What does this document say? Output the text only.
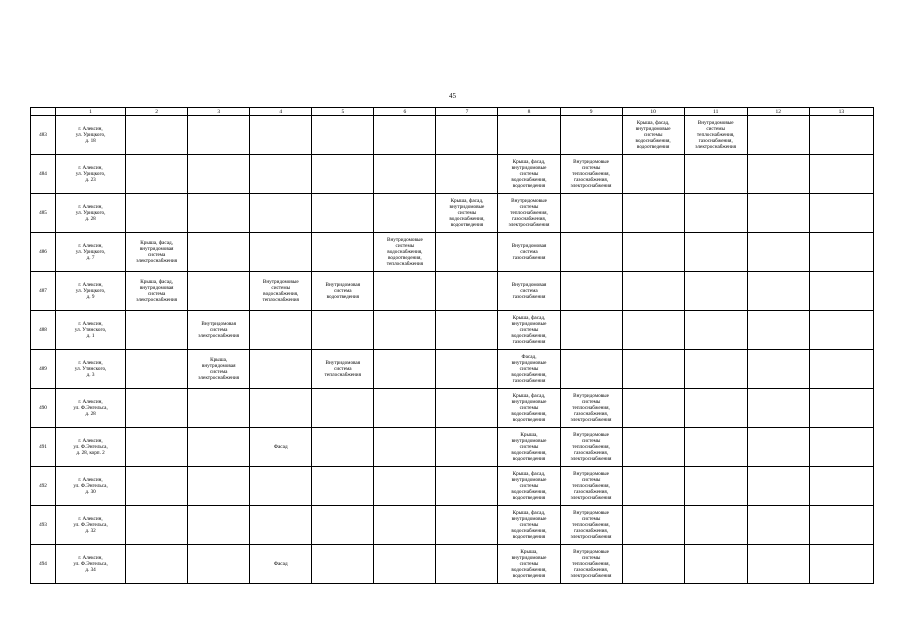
45
	1	2	3	4	5	6	7	8	9	10	11	12	13
483	г. Алексин,
ул. Урицкого,
д. 18									Крыша, фасад,
внутридомовые
системы
водоснабжения,
водоотведения	Внутридомовые
системы
теплоснабжения,
газоснабжения,
электроснабжения		
484	г. Алексин,
ул. Урицкого,
д. 23							Крыша, фасад,
внутридомовые
системы
водоснабжения,
водоотведения	Внутридомовые
системы
теплоснабжения,
газоснабжения,
электроснабжения				
485	г. Алексин,
ул. Урицкого,
д. 28						Крыша, фасад,
внутридомовые
системы
водоснабжения,
водоотведения	Внутридомовые
системы
теплоснабжения,
газоснабжения,
электроснабжения					
486	г. Алексин,
ул. Урицкого,
д. 7	Крыша, фасад,
внутридомовая
система
электроснабжения				Внутридомовые
системы
водоснабжения,
водоотведения,
теплоснабжения		Внутридомовая
система
газоснабжения					
487	г. Алексин,
ул. Урицкого,
д. 9	Крыша, фасад,
внутридомовая
система
электроснабжения		Внутридомовые
системы
водоснабжения,
теплоснабжения	Внутридомовая
система
водоотведения			Внутридомовая
система
газоснабжения					
488	г. Алексин,
ул. Утянского,
д. 1		Внутридомовая
система
электроснабжения					Крыша, фасад,
внутридомовые
системы
водоснабжения,
газоснабжения					
489	г. Алексин,
ул. Утянского,
д. 3		Крыша,
внутридомовая
система
электроснабжения		Внутридомовая
система
теплоснабжения			Фасад,
внутридомовые
системы
водоснабжения,
газоснабжения					
490	г. Алексин,
ул. Ф.Энгельса,
д. 28							Крыша, фасад,
внутридомовые
системы
водоснабжения,
водоотведения	Внутридомовые
системы
теплоснабжения,
газоснабжения,
электроснабжения				
491	г. Алексин,
ул. Ф.Энгельса,
д. 28, корп. 2			Фасад				Крыша,
внутридомовые
системы
водоснабжения,
водоотведения	Внутридомовые
системы
теплоснабжения,
газоснабжения,
электроснабжения				
492	г. Алексин,
ул. Ф.Энгельса,
д. 30							Крыша, фасад,
внутридомовые
системы
водоснабжения,
водоотведения	Внутридомовые
системы
теплоснабжения,
газоснабжения,
электроснабжения				
493	г. Алексин,
ул. Ф.Энгельса,
д. 32							Крыша, фасад,
внутридомовые
системы
водоснабжения,
водоотведения	Внутридомовые
системы
теплоснабжения,
газоснабжения,
электроснабжения				
494	г. Алексин,
ул. Ф.Энгельса,
д. 34			Фасад				Крыша,
внутридомовые
системы
водоснабжения,
водоотведения	Внутридомовые
системы
теплоснабжения,
газоснабжения,
электроснабжения				
